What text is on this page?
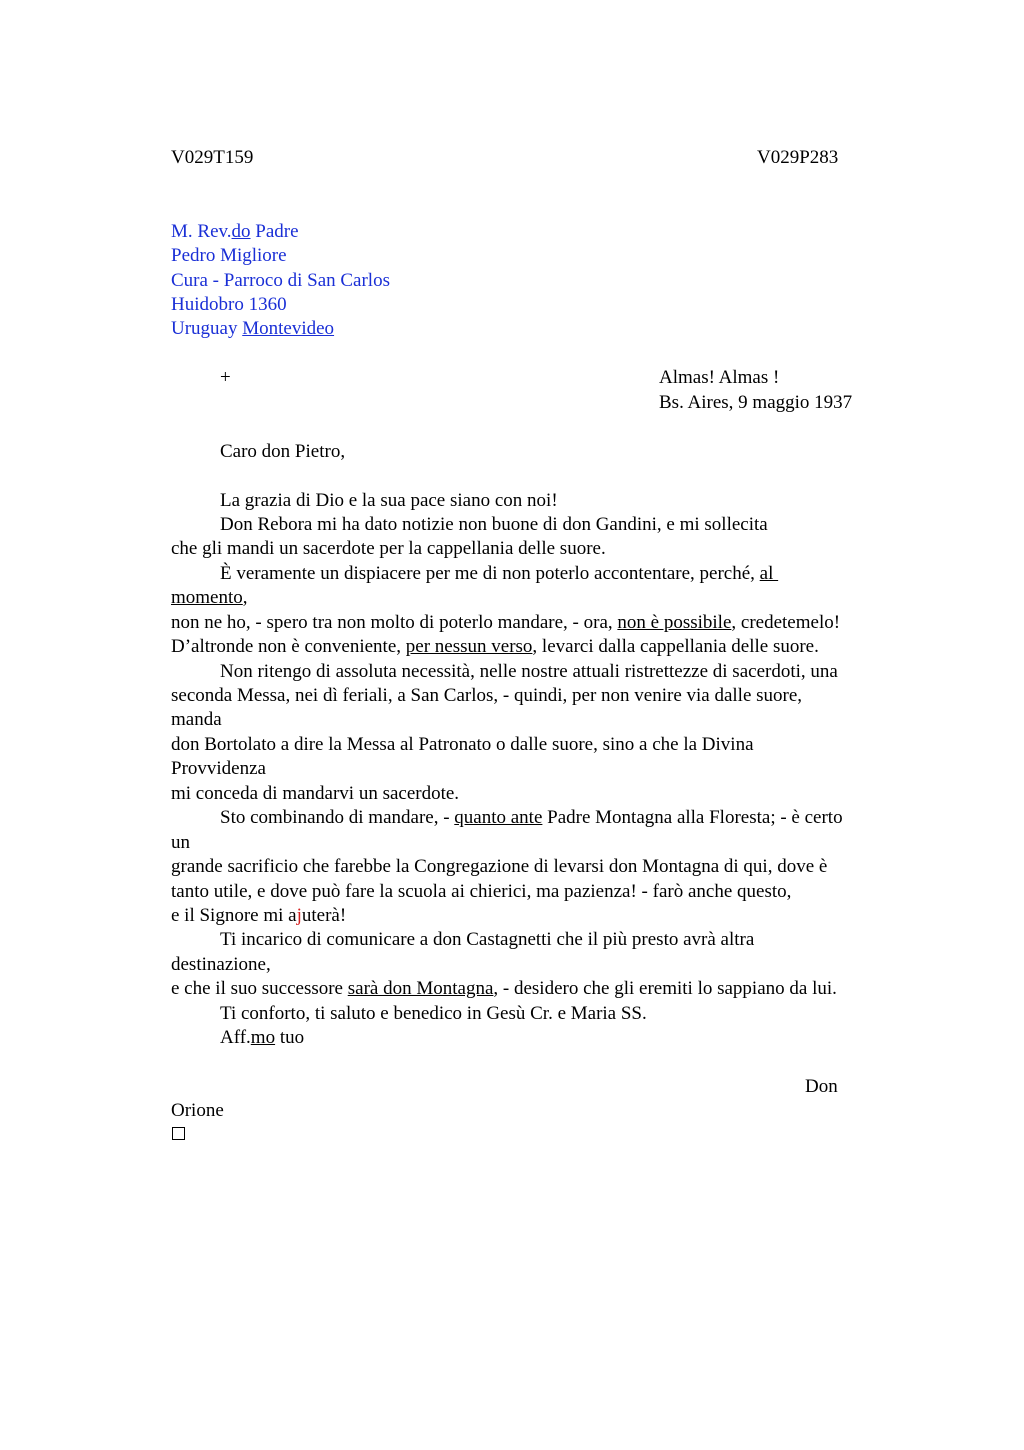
V029T159	V029P283
M. Rev.do Padre
Pedro Migliore
Cura - Parroco di San Carlos
Huidobro 1360
Uruguay Montevideo
+	Almas! Almas !
Bs. Aires, 9 maggio 1937
Caro don Pietro,
La grazia di Dio e la sua pace siano con noi!
Don Rebora mi ha dato notizie non buone di don Gandini, e mi sollecita
che gli mandi un sacerdote per la cappellania delle suore.
È veramente un dispiacere per me di non poterlo accontentare, perché, al
momento,
non ne ho, - spero tra non molto di poterlo mandare, - ora, non è possibile, credetemelo!
D’altronde non è conveniente, per nessun verso, levarci dalla cappellania delle suore.
Non ritengo di assoluta necessità, nelle nostre attuali ristrettezze di sacerdoti, una
seconda Messa, nei dì feriali, a San Carlos, - quindi, per non venire via dalle suore,
manda
don Bortolato a dire la Messa al Patronato o dalle suore, sino a che la Divina
Provvidenza
mi conceda di mandarvi un sacerdote.
Sto combinando di mandare, - quanto ante Padre Montagna alla Floresta; - è certo
un
grande sacrificio che farebbe la Congregazione di levarsi don Montagna di qui, dove è
tanto utile, e dove può fare la scuola ai chierici, ma pazienza! - farò anche questo,
e il Signore mi ajuterà!
Ti incarico di comunicare a don Castagnetti che il più presto avrà altra
destinazione,
e che il suo successore sarà don Montagna, - desidero che gli eremiti lo sappiano da lui.
Ti conforto, ti saluto e benedico in Gesù Cr. e Maria SS.
Aff.mo tuo
Don
Orione
